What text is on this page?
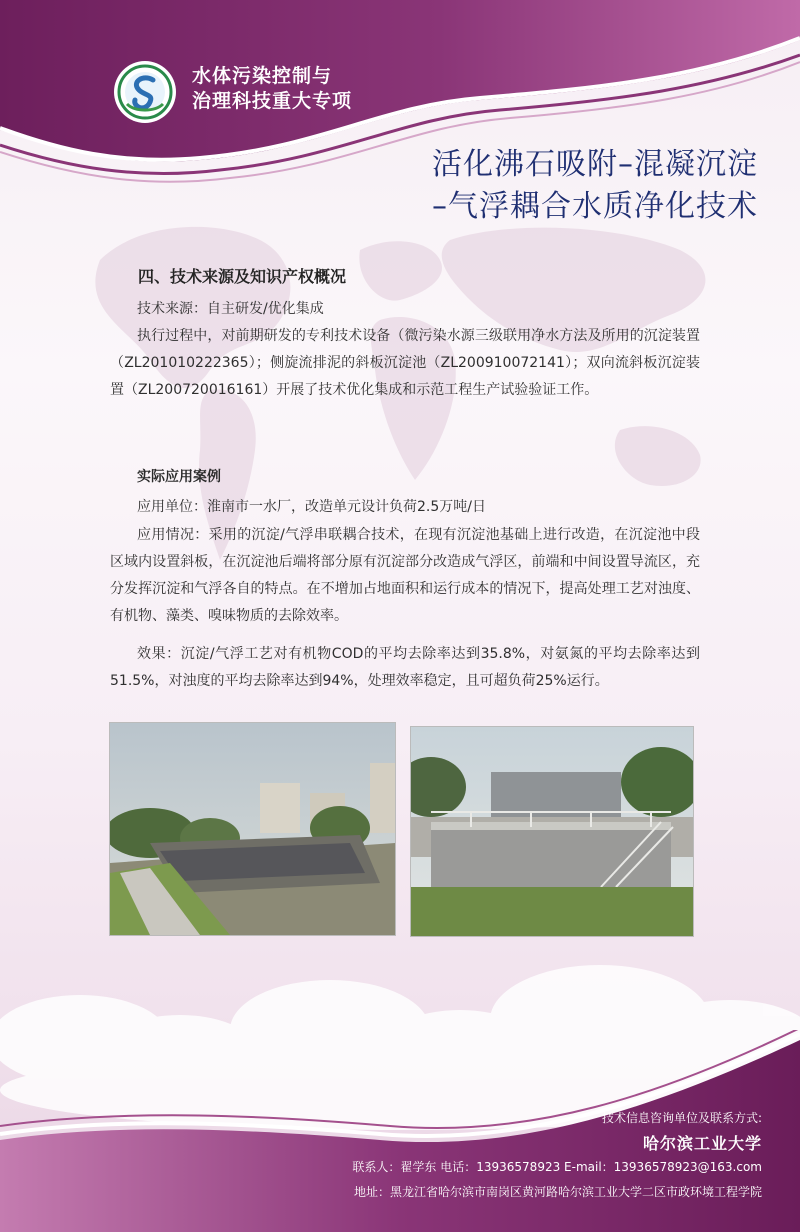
水体污染控制与
治理科技重大专项
活化沸石吸附–混凝沉淀
–气浮耦合水质净化技术
四、技术来源及知识产权概况
技术来源：自主研发/优化集成
执行过程中，对前期研发的专利技术设备（微污染水源三级联用净水方法及所用的沉淀装置（ZL201010222365）；侧旋流排泥的斜板沉淀池（ZL200910072141）；双向流斜板沉淀装置（ZL200720016161）开展了技术优化集成和示范工程生产试验验证工作。
实际应用案例
应用单位：淮南市一水厂，改造单元设计负荷2.5万吨/日
应用情况：采用的沉淀/气浮串联耦合技术，在现有沉淀池基础上进行改造，在沉淀池中段区域内设置斜板，在沉淀池后端将部分原有沉淀部分改造成气浮区，前端和中间设置导流区，充分发挥沉淀和气浮各自的特点。在不增加占地面积和运行成本的情况下，提高处理工艺对浊度、有机物、藻类、嗅味物质的去除效率。
效果：沉淀/气浮工艺对有机物COD的平均去除率达到35.8%，对氨氮的平均去除率达到51.5%，对浊度的平均去除率达到94%，处理效率稳定，且可超负荷25%运行。
技术信息咨询单位及联系方式:
哈尔滨工业大学
联系人：翟学东 电话：13936578923 E-mail：13936578923@163.com
地址：黑龙江省哈尔滨市南岗区黄河路哈尔滨工业大学二区市政环境工程学院
